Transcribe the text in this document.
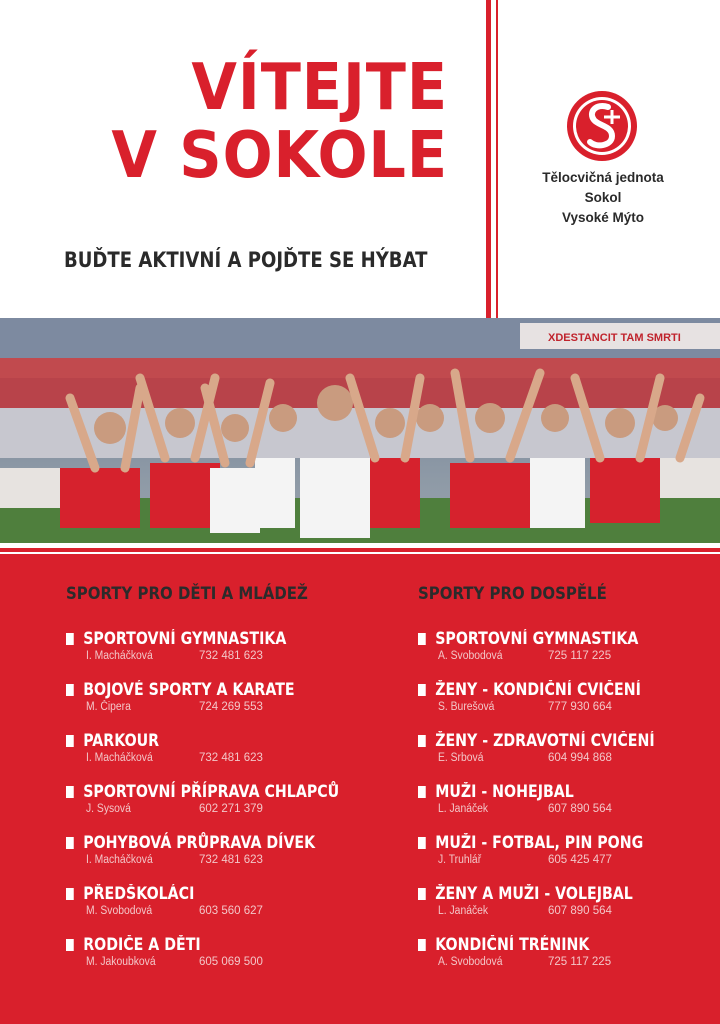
VÍTEJTE
V SOKOLE
BUĎTE AKTIVNÍ A POJĎTE SE HÝBAT
Tělocvičná jednota
Sokol
Vysoké Mýto
XDESTANCIT TAM SMRTI
SPORTY PRO DĚTI A MLÁDEŽ
SPORTOVNÍ GYMNASTIKA
I. Macháčková	732 481 623
BOJOVÉ SPORTY A KARATE
M. Čipera	724 269 553
PARKOUR
I. Macháčková	732 481 623
SPORTOVNÍ PŘÍPRAVA CHLAPCŮ
J. Sysová	602 271 379
POHYBOVÁ PRŮPRAVA DÍVEK
I. Macháčková	732 481 623
PŘEDŠKOLÁCI
M. Svobodová	603 560 627
RODIČE A DĚTI
M. Jakoubková	605 069 500
SPORTY PRO DOSPĚLÉ
SPORTOVNÍ GYMNASTIKA
A. Svobodová	725 117 225
ŽENY - KONDIČNÍ CVIČENÍ
S. Burešová	777 930 664
ŽENY - ZDRAVOTNÍ CVIČENÍ
E. Srbová	604 994 868
MUŽI - NOHEJBAL
L. Janáček	607 890 564
MUŽI - FOTBAL, PIN PONG
J. Truhlář	605 425 477
ŽENY A MUŽI - VOLEJBAL
L. Janáček	607 890 564
KONDIČNÍ TRÉNINK
A. Svobodová	725 117 225
